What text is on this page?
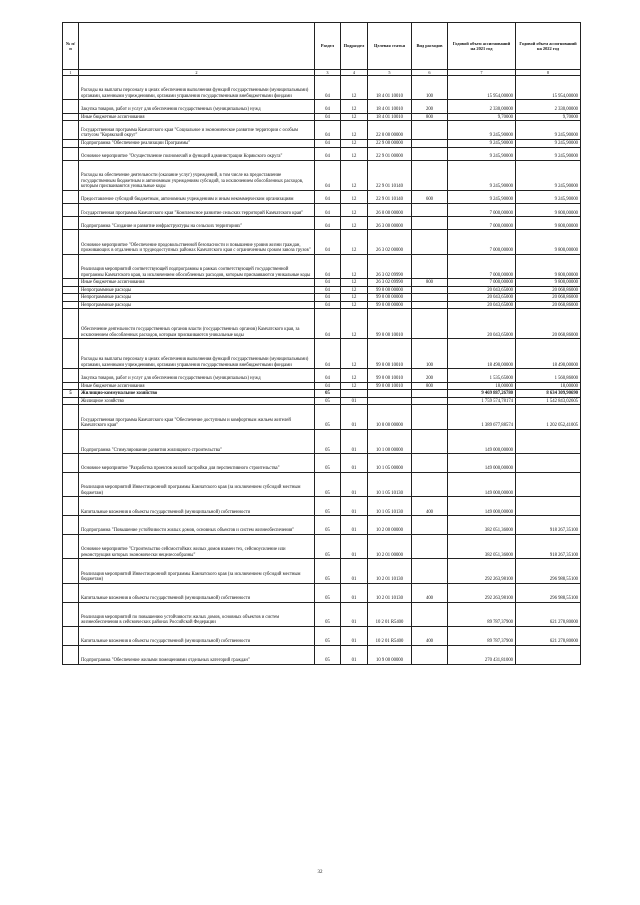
№ п/п		Раздел	Подраздел	Целевая статья	Вид расходов	Годовой объем ассигнований на 2021 год	Годовой объем ассигнований на 2022 год
1	2	3	4	5	6	7	8
	Расходы на выплаты персоналу в целях обеспечения выполнения функций государственными (муниципальными) органами, казенными учреждениями, органами управления государственными внебюджетными фондами	04	12	18 4 01 10010	100	15 954,00000	15 954,00000
	Закупка товаров, работ и услуг для обеспечения государственных (муниципальных) нужд	04	12	18 4 01 10010	200	2 330,00000	2 330,00000
	Иные бюджетные ассигнования	04	12	18 4 01 10010	800	9,70000	9,70000
	Государственная программа Камчатского края "Социальное и экономическое развитие территории с особым статусом "Корякский округ"	04	12	22 0 00 00000		9 245,90000	9 245,90000
	Подпрограмма "Обеспечение реализации Программы"	04	12	22 9 00 00000		9 245,90000	9 245,90000
	Основное мероприятие "Осуществление полномочий и функций администрации Корякского округа"	04	12	22 9 01 00000		9 245,90000	9 245,90000
	Расходы на обеспечение деятельности (оказание услуг) учреждений, в том числе на предоставление государственным бюджетным и автономным учреждениям субсидий, за исключением обособленных расходов, которым присваиваются уникальные коды	04	12	22 9 01 10140		9 245,90000	9 245,90000
	Предоставление субсидий бюджетным, автономным учреждениям и иным некоммерческим организациям	04	12	22 9 01 10140	600	9 245,90000	9 245,90000
	Государственная программа Камчатского края "Комплексное развитие сельских территорий Камчатского края"	04	12	26 0 00 00000		7 000,00000	9 800,00000
	Подпрограмма "Создание и развитие инфраструктуры на сельских территориях"	04	12	26 3 00 00000		7 000,00000	9 800,00000
	Основное мероприятие "Обеспечение продовольственной безопасности и повышение уровня жизни граждан, проживающих в отдаленных и труднодоступных районах Камчатского края с ограниченным сроком завоза грузов"	04	12	26 3 02 00000		7 000,00000	9 800,00000
	Реализация мероприятий соответствующей подпрограммы в рамках соответствующей государственной программы Камчатского края, за исключением обособленных расходов, которым присваиваются уникальные коды	04	12	26 3 02 09990		7 000,00000	9 800,00000
	Иные бюджетные ассигнования	04	12	26 3 02 09990	800	7 000,00000	9 800,00000
	Непрограммные расходы	04	12	99 0 00 00000		20 043,65000	20 068,86000
	Непрограммные расходы	04	12	99 0 00 00000		20 043,65000	20 068,86000
	Непрограммные расходы	04	12	99 0 00 00000		20 043,65000	20 068,86000
	Обеспечение деятельности государственных органов власти (государственных органов) Камчатского края, за исключением обособленных расходов, которым присваиваются уникальные коды	04	12	99 0 00 10010		20 043,65000	20 068,86000
	Расходы на выплаты персоналу в целях обеспечения выполнения функций государственными (муниципальными) органами, казенными учреждениями, органами управления государственными внебюджетными фондами	04	12	99 0 00 10010	100	18 490,00000	18 490,00000
	Закупка товаров, работ и услуг для обеспечения государственных (муниципальных) нужд	04	12	99 0 00 10010	200	1 535,65000	1 560,86000
	Иные бюджетные ассигнования	04	12	99 0 00 10010	800	18,00000	18,00000
5	Жилищно-коммунальное хозяйство	05				9 469 887,26780	8 634 309,90690
	Жилищное хозяйство	05	01			1 759 574,78174	1 542 843,02605
	Государственная программа Камчатского края "Обеспечение доступным и комфортным жильем жителей Камчатского края"	05	01	10 0 00 00000		1 389 677,88574	1 202 052,41005
	Подпрограмма "Стимулирование развития жилищного строительства"	05	01	10 1 00 00000		149 000,00000	
	Основное мероприятие "Разработка проектов жилой застройки для перспективного строительства"	05	01	10 1 05 00000		149 000,00000	
	Реализация мероприятий Инвестиционной программы Камчатского края (за исключением субсидий местным бюджетам)	05	01	10 1 05 10130		149 000,00000	
	Капитальные вложения в объекты государственной (муниципальной) собственности	05	01	10 1 05 10130	400	149 000,00000	
	Подпрограмма "Повышение устойчивости жилых домов, основных объектов и систем жизнеобеспечения"	05	01	10 2 00 00000		382 051,36000	918 267,35100
	Основное мероприятие "Строительство сейсмостойких жилых домов взамен тех, сейсмоусиление или реконструкция которых экономически нецелесообразны"	05	01	10 2 01 00000		382 051,36000	918 267,35100
	Реализация мероприятий Инвестиционной программы Камчатского края (за исключением субсидий местным бюджетам)	05	01	10 2 01 10130		292 263,98100	296 988,55100
	Капитальные вложения в объекты государственной (муниципальной) собственности	05	01	10 2 01 10130	400	292 263,98100	296 988,55100
	Реализация мероприятий по повышению устойчивости жилых домов, основных объектов и систем жизнеобеспечения в сейсмических районах Российской Федерации	05	01	10 2 01 R5400		89 787,37900	621 278,80000
	Капитальные вложения в объекты государственной (муниципальной) собственности	05	01	10 2 01 R5400	400	89 787,37900	621 278,80000
	Подпрограмма "Обеспечение жилыми помещениями отдельных категорий граждан"	05	01	10 9 00 00000		270 431,81000	
32
